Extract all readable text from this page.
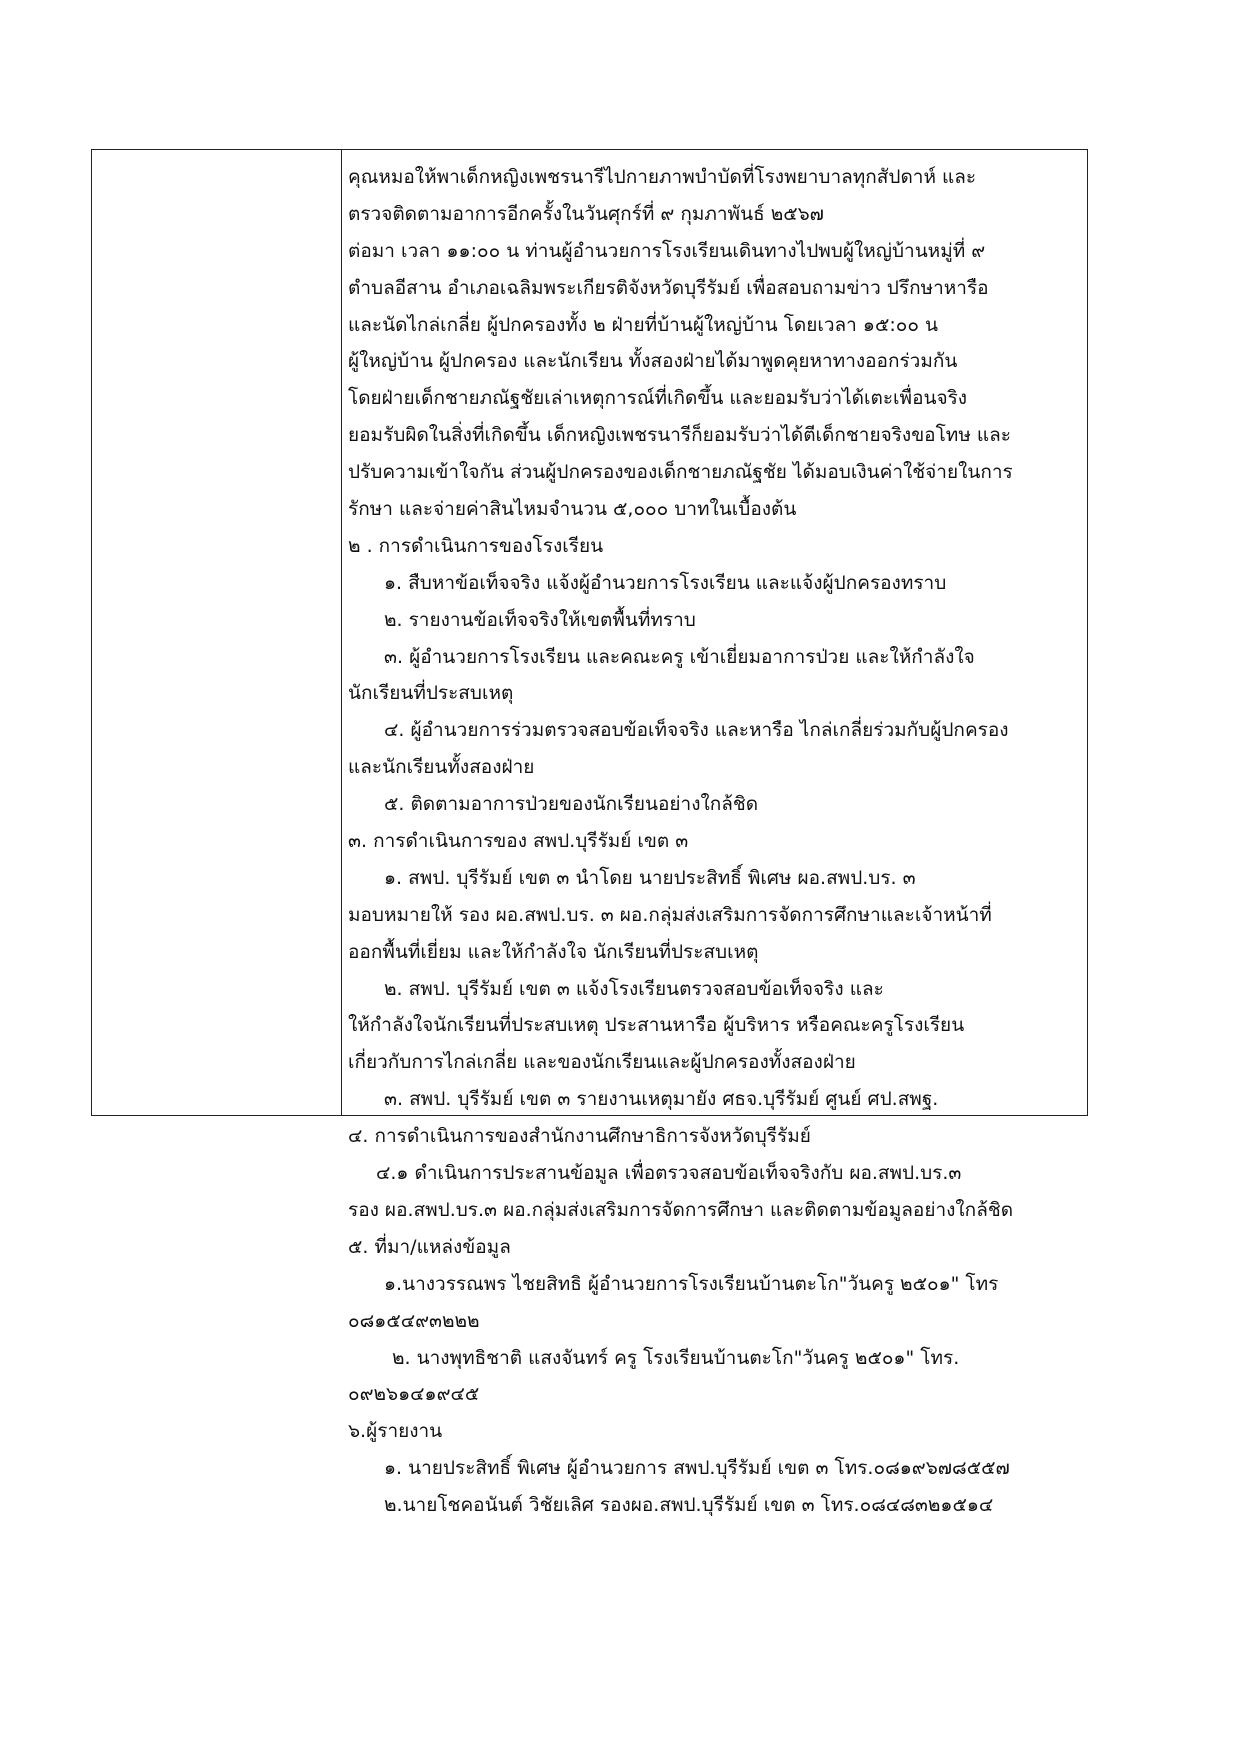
คุณหมอให้พาเด็กหญิงเพชรนารีไปกายภาพบำบัดที่โรงพยาบาลทุกสัปดาห์ และ
ตรวจติดตามอาการอีกครั้งในวันศุกร์ที่ ๙ กุมภาพันธ์ ๒๕๖๗
ต่อมา เวลา ๑๑:๐๐ น ท่านผู้อำนวยการโรงเรียนเดินทางไปพบผู้ใหญ่บ้านหมู่ที่ ๙
ตำบลอีสาน อำเภอเฉลิมพระเกียรติจังหวัดบุรีรัมย์ เพื่อสอบถามข่าว ปรึกษาหารือ
และนัดไกล่เกลี่ย ผู้ปกครองทั้ง ๒ ฝ่ายที่บ้านผู้ใหญ่บ้าน โดยเวลา ๑๕:๐๐ น
ผู้ใหญ่บ้าน ผู้ปกครอง และนักเรียน ทั้งสองฝ่ายได้มาพูดคุยหาทางออกร่วมกัน
โดยฝ่ายเด็กชายภณัฐชัยเล่าเหตุการณ์ที่เกิดขึ้น และยอมรับว่าได้เตะเพื่อนจริง
ยอมรับผิดในสิ่งที่เกิดขึ้น เด็กหญิงเพชรนารีก็ยอมรับว่าได้ตีเด็กชายจริงขอโทษ และ
ปรับความเข้าใจกัน ส่วนผู้ปกครองของเด็กชายภณัฐชัย ได้มอบเงินค่าใช้จ่ายในการ
รักษา และจ่ายค่าสินไหมจำนวน ๕,๐๐๐ บาทในเบื้องต้น
๒ . การดำเนินการของโรงเรียน
๑. สืบหาข้อเท็จจริง แจ้งผู้อำนวยการโรงเรียน และแจ้งผู้ปกครองทราบ
๒. รายงานข้อเท็จจริงให้เขตพื้นที่ทราบ
๓. ผู้อำนวยการโรงเรียน และคณะครู เข้าเยี่ยมอาการป่วย และให้กำลังใจ
นักเรียนที่ประสบเหตุ
๔. ผู้อำนวยการร่วมตรวจสอบข้อเท็จจริง และหารือ ไกล่เกลี่ยร่วมกับผู้ปกครอง
และนักเรียนทั้งสองฝ่าย
๕. ติดตามอาการป่วยของนักเรียนอย่างใกล้ชิด
๓. การดำเนินการของ สพป.บุรีรัมย์ เขต ๓
๑. สพป. บุรีรัมย์ เขต ๓ นำโดย นายประสิทธิ์ พิเศษ ผอ.สพป.บร. ๓
มอบหมายให้ รอง ผอ.สพป.บร. ๓ ผอ.กลุ่มส่งเสริมการจัดการศึกษาและเจ้าหน้าที่
ออกพื้นที่เยี่ยม และให้กำลังใจ นักเรียนที่ประสบเหตุ
๒. สพป. บุรีรัมย์ เขต ๓ แจ้งโรงเรียนตรวจสอบข้อเท็จจริง และ
ให้กำลังใจนักเรียนที่ประสบเหตุ ประสานหารือ ผู้บริหาร หรือคณะครูโรงเรียน
เกี่ยวกับการไกล่เกลี่ย และของนักเรียนและผู้ปกครองทั้งสองฝ่าย
๓. สพป. บุรีรัมย์ เขต ๓ รายงานเหตุมายัง ศธจ.บุรีรัมย์ ศูนย์ ศป.สพฐ.
๔. การดำเนินการของสำนักงานศึกษาธิการจังหวัดบุรีรัมย์
๔.๑ ดำเนินการประสานข้อมูล เพื่อตรวจสอบข้อเท็จจริงกับ ผอ.สพป.บร.๓
รอง ผอ.สพป.บร.๓ ผอ.กลุ่มส่งเสริมการจัดการศึกษา และติดตามข้อมูลอย่างใกล้ชิด
๕. ที่มา/แหล่งข้อมูล
๑.นางวรรณพร ไชยสิทธิ ผู้อำนวยการโรงเรียนบ้านตะโก"วันครู ๒๕๐๑" โทร
๐๘๑๕๔๙๓๒๒๒
๒. นางพุทธิชาติ แสงจันทร์ ครู โรงเรียนบ้านตะโก"วันครู ๒๕๐๑" โทร.
๐๙๒๖๑๔๑๙๔๕
๖.ผู้รายงาน
๑. นายประสิทธิ์ พิเศษ ผู้อำนวยการ สพป.บุรีรัมย์ เขต ๓ โทร.๐๘๑๙๖๗๘๕๕๗
๒.นายโชคอนันต์ วิชัยเลิศ รองผอ.สพป.บุรีรัมย์ เขต ๓ โทร.๐๘๔๘๓๒๑๕๑๔
